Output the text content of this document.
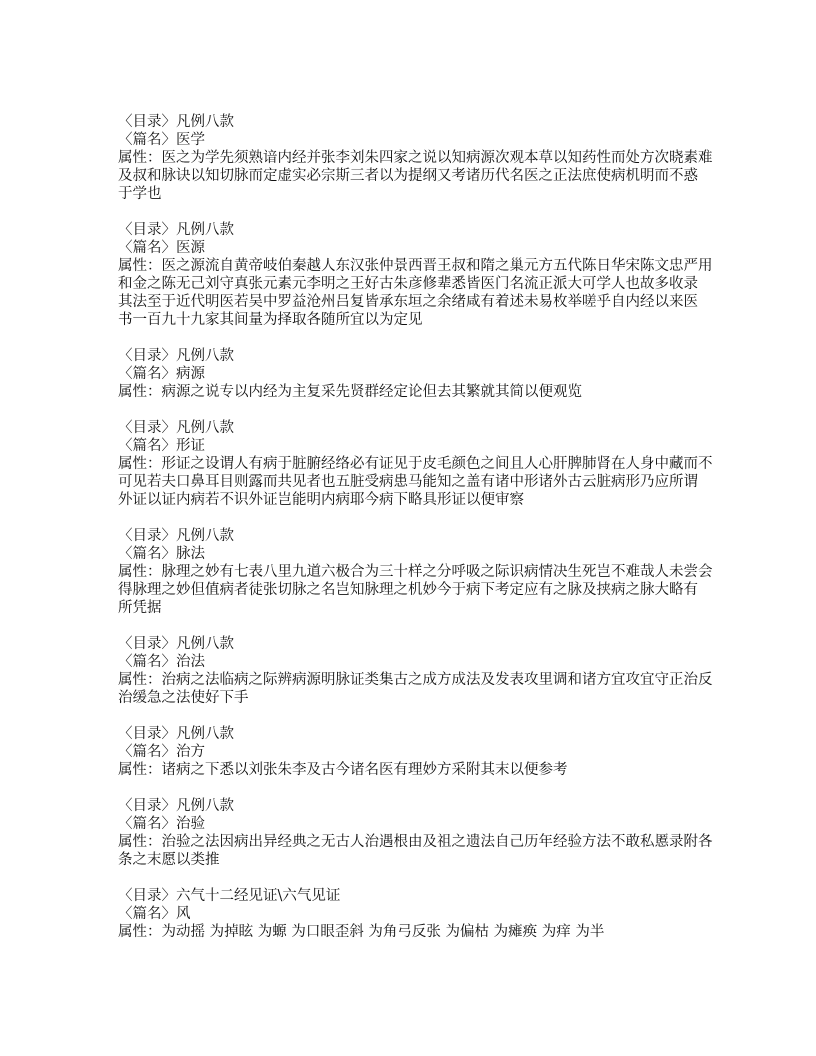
〈目录〉凡例八款
〈篇名〉医学
属性：医之为学先须熟谙内经并张李刘朱四家之说以知病源次观本草以知药性而处方次晓素难
及叔和脉诀以知切脉而定虚实必宗斯三者以为提纲又考诸历代名医之正法庶使病机明而不惑
于学也
〈目录〉凡例八款
〈篇名〉医源
属性：医之源流自黄帝岐伯秦越人东汉张仲景西晋王叔和隋之巢元方五代陈日华宋陈文忠严用
和金之陈无己刘守真张元素元李明之王好古朱彦修辈悉皆医门名流正派大可学人也故多收录
其法至于近代明医若吴中罗益沧州吕复皆承东垣之余绪咸有着述未易枚举嗟乎自内经以来医
书一百九十九家其间量为择取各随所宜以为定见
〈目录〉凡例八款
〈篇名〉病源
属性：病源之说专以内经为主复采先贤群经定论但去其繁就其简以便观览
〈目录〉凡例八款
〈篇名〉形证
属性：形证之设谓人有病于脏腑经络必有证见于皮毛颜色之间且人心肝脾肺肾在人身中藏而不
可见若夫口鼻耳目则露而共见者也五脏受病患马能知之盖有诸中形诸外古云脏病形乃应所谓
外证以证内病若不识外证岂能明内病耶今病下略具形证以便审察
〈目录〉凡例八款
〈篇名〉脉法
属性：脉理之妙有七表八里九道六极合为三十样之分呼吸之际识病情决生死岂不难哉人未尝会
得脉理之妙但值病者徒张切脉之名岂知脉理之机妙今于病下考定应有之脉及挟病之脉大略有
所凭据
〈目录〉凡例八款
〈篇名〉治法
属性：治病之法临病之际辨病源明脉证类集古之成方成法及发表攻里调和诸方宜攻宜守正治反
治缓急之法使好下手
〈目录〉凡例八款
〈篇名〉治方
属性：诸病之下悉以刘张朱李及古今诸名医有理妙方采附其末以便参考
〈目录〉凡例八款
〈篇名〉治验
属性：治验之法因病出异经典之无古人治遇根由及祖之遗法自己历年经验方法不敢私慝录附各
条之末愿以类推
〈目录〉六气十二经见证\六气见证
〈篇名〉风
属性：为动摇 为掉眩 为螈 为口眼歪斜 为角弓反张 为偏枯 为瘫痪 为痒 为半
